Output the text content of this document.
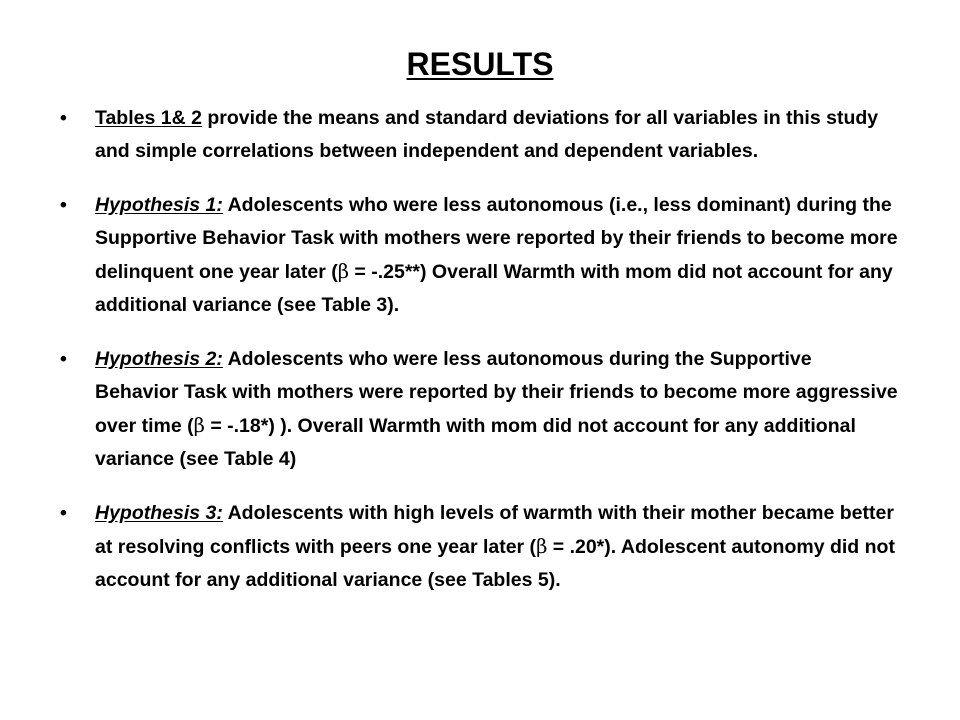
RESULTS
• Tables 1& 2 provide the means and standard deviations for all variables in this study and simple correlations between independent and dependent variables.
• Hypothesis 1: Adolescents who were less autonomous (i.e., less dominant) during the Supportive Behavior Task with mothers were reported by their friends to become more delinquent one year later (β = -.25**) Overall Warmth with mom did not account for any additional variance (see Table 3).
• Hypothesis 2: Adolescents who were less autonomous during the Supportive Behavior Task with mothers were reported by their friends to become more aggressive over time (β = -.18*) ). Overall Warmth with mom did not account for any additional variance (see Table 4)
• Hypothesis 3: Adolescents with high levels of warmth with their mother became better at resolving conflicts with peers one year later (β = .20*). Adolescent autonomy did not account for any additional variance (see Tables 5).
